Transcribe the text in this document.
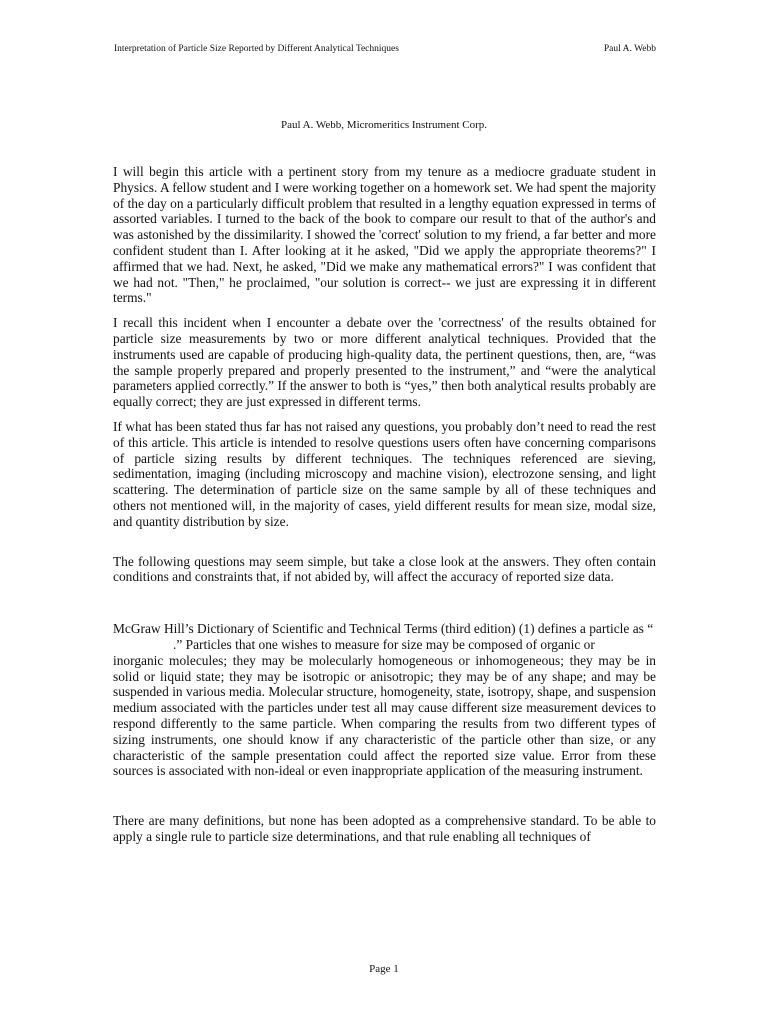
Interpretation of Particle Size Reported by Different Analytical Techniques	Paul A. Webb
Paul A. Webb, Micromeritics Instrument Corp.

I will begin this article with a pertinent story from my tenure as a mediocre graduate student in Physics. A fellow student and I were working together on a homework set. We had spent the majority of the day on a particularly difficult problem that resulted in a lengthy equation expressed in terms of assorted variables. I turned to the back of the book to compare our result to that of the author's and was astonished by the dissimilarity. I showed the 'correct' solution to my friend, a far better and more confident student than I. After looking at it he asked, "Did we apply the appropriate theorems?" I affirmed that we had. Next, he asked, "Did we make any mathematical errors?" I was confident that we had not. "Then," he proclaimed, "our solution is correct-- we just are expressing it in different terms."

I recall this incident when I encounter a debate over the 'correctness' of the results obtained for particle size measurements by two or more different analytical techniques. Provided that the instruments used are capable of producing high-quality data, the pertinent questions, then, are, “was the sample properly prepared and properly presented to the instrument,” and “were the analytical parameters applied correctly.” If the answer to both is “yes,” then both analytical results probably are equally correct; they are just expressed in different terms.

If what has been stated thus far has not raised any questions, you probably don’t need to read the rest of this article. This article is intended to resolve questions users often have concerning comparisons of particle sizing results by different techniques. The techniques referenced are sieving, sedimentation, imaging (including microscopy and machine vision), electrozone sensing, and light scattering. The determination of particle size on the same sample by all of these techniques and others not mentioned will, in the majority of cases, yield different results for mean size, modal size, and quantity distribution by size.

The following questions may seem simple, but take a close look at the answers. They often contain conditions and constraints that, if not abided by, will affect the accuracy of reported size data.

McGraw Hill’s Dictionary of Scientific and Technical Terms (third edition) (1) defines a particle as “
.” Particles that one wishes to measure for size may be composed of organic or
inorganic molecules; they may be molecularly homogeneous or inhomogeneous; they may be in solid or liquid state; they may be isotropic or anisotropic; they may be of any shape; and may be suspended in various media. Molecular structure, homogeneity, state, isotropy, shape, and suspension medium associated with the particles under test all may cause different size measurement devices to respond differently to the same particle. When comparing the results from two different types of sizing instruments, one should know if any characteristic of the particle other than size, or any characteristic of the sample presentation could affect the reported size value. Error from these sources is associated with non-ideal or even inappropriate application of the measuring instrument.

There are many definitions, but none has been adopted as a comprehensive standard. To be able to apply a single rule to particle size determinations, and that rule enabling all techniques of

Page 1
